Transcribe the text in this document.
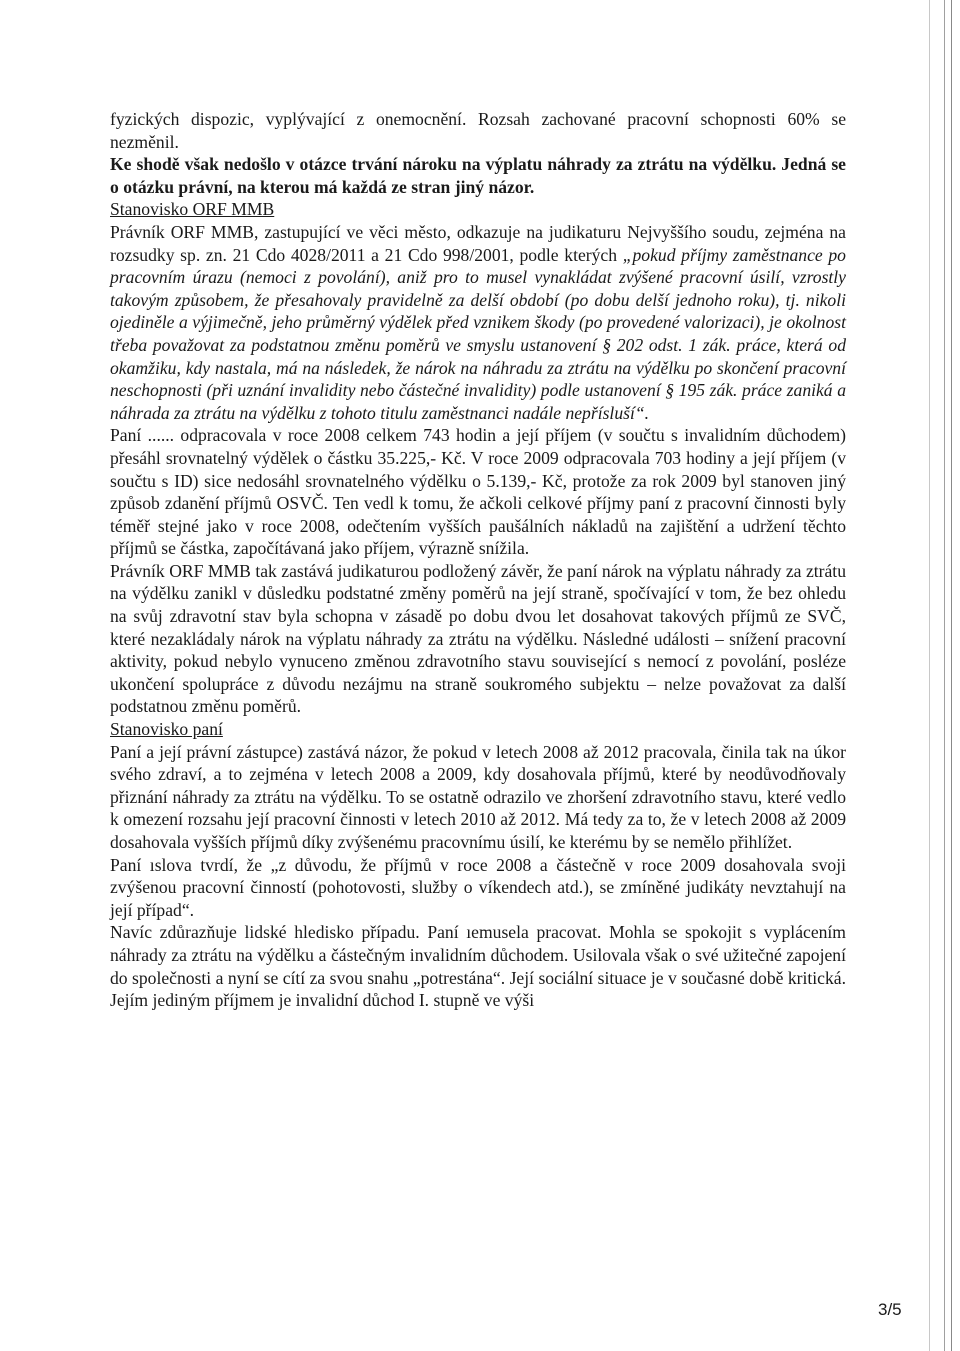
fyzických dispozic, vyplývající z onemocnění. Rozsah zachované pracovní schopnosti 60% se nezměnil.

Ke shodě však nedošlo v otázce trvání nároku na výplatu náhrady za ztrátu na výdělku. Jedná se o otázku právní, na kterou má každá ze stran jiný názor.

Stanovisko ORF MMB

Právník ORF MMB, zastupující ve věci město, odkazuje na judikaturu Nejvyššího soudu, zejména na rozsudky sp. zn. 21 Cdo 4028/2011 a 21 Cdo 998/2001, podle kterých „pokud příjmy zaměstnance po pracovním úrazu (nemoci z povolání), aniž pro to musel vynakládat zvýšené pracovní úsilí, vzrostly takovým způsobem, že přesahovaly pravidelně za delší období (po dobu delší jednoho roku), tj. nikoli ojediněle a výjimečně, jeho průměrný výdělek před vznikem škody (po provedené valorizaci), je okolnost třeba považovat za podstatnou změnu poměrů ve smyslu ustanovení § 202 odst. 1 zák. práce, která od okamžiku, kdy nastala, má na následek, že nárok na náhradu za ztrátu na výdělku po skončení pracovní neschopnosti (při uznání invalidity nebo částečné invalidity) podle ustanovení § 195 zák. práce zaniká a náhrada za ztrátu na výdělku z tohoto titulu zaměstnanci nadále nepřísluší“.

Paní ...... odpracovala v roce 2008 celkem 743 hodin a její příjem (v součtu s invalidním důchodem) přesáhl srovnatelný výdělek o částku 35.225,- Kč. V roce 2009 odpracovala 703 hodiny a její příjem (v součtu s ID) sice nedosáhl srovnatelného výdělku o 5.139,- Kč, protože za rok 2009 byl stanoven jiný způsob zdanění příjmů OSVČ. Ten vedl k tomu, že ačkoli celkové příjmy paní z pracovní činnosti byly téměř stejné jako v roce 2008, odečtením vyšších paušálních nákladů na zajištění a udržení těchto příjmů se částka, započítávaná jako příjem, výrazně snížila.

Právník ORF MMB tak zastává judikaturou podložený závěr, že paní nárok na výplatu náhrady za ztrátu na výdělku zanikl v důsledku podstatné změny poměrů na její straně, spočívající v tom, že bez ohledu na svůj zdravotní stav byla schopna v zásadě po dobu dvou let dosahovat takových příjmů ze SVČ, které nezakládaly nárok na výplatu náhrady za ztrátu na výdělku. Následné události – snížení pracovní aktivity, pokud nebylo vynuceno změnou zdravotního stavu související s nemocí z povolání, posléze ukončení spolupráce z důvodu nezájmu na straně soukromého subjektu – nelze považovat za další podstatnou změnu poměrů.

Stanovisko paní

Paní a její právní zástupce) zastává názor, že pokud v letech 2008 až 2012 pracovala, činila tak na úkor svého zdraví, a to zejména v letech 2008 a 2009, kdy dosahovala příjmů, které by neodůvodňovaly přiznání náhrady za ztrátu na výdělku. To se ostatně odrazilo ve zhoršení zdravotního stavu, které vedlo k omezení rozsahu její pracovní činnosti v letech 2010 až 2012. Má tedy za to, že v letech 2008 až 2009 dosahovala vyšších příjmů díky zvýšenému pracovnímu úsilí, ke kterému by se nemělo přihlížet.

Paní ıslova tvrdí, že „z důvodu, že příjmů v roce 2008 a částečně v roce 2009 dosahovala svoji zvýšenou pracovní činností (pohotovosti, služby o víkendech atd.), se zmíněné judikáty nevztahují na její případ“.

Navíc zdůrazňuje lidské hledisko případu. Paní ıemusela pracovat. Mohla se spokojit s vyplácením náhrady za ztrátu na výdělku a částečným invalidním důchodem. Usilovala však o své užitečné zapojení do společnosti a nyní se cítí za svou snahu „potrestána“. Její sociální situace je v současné době kritická. Jejím jediným příjmem je invalidní důchod I. stupně ve výši

3/5
